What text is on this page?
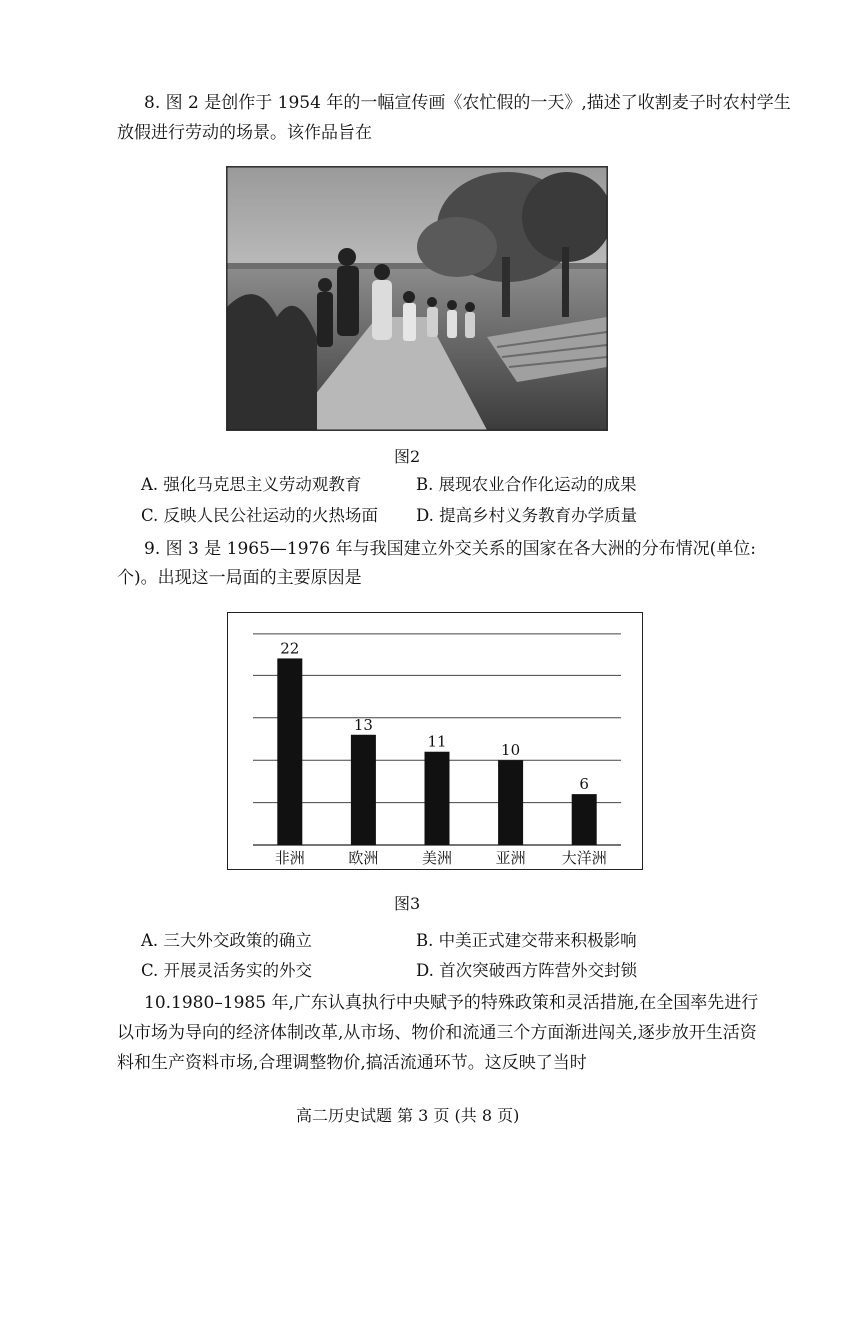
8. 图 2 是创作于 1954 年的一幅宣传画《农忙假的一天》,描述了收割麦子时农村学生
放假进行劳动的场景。该作品旨在
图2
A. 强化马克思主义劳动观教育	B. 展现农业合作化运动的成果
C. 反映人民公社运动的火热场面 D. 提高乡村义务教育办学质量
9. 图 3 是 1965—1976 年与我国建立外交关系的国家在各大洲的分布情况(单位:
个)。出现这一局面的主要原因是
22
13
11	10
6
非洲	欧洲	美洲	亚洲 大洋洲
图3
A. 三大外交政策的确立	B. 中美正式建交带来积极影响
C. 开展灵活务实的外交	D. 首次突破西方阵营外交封锁
10.1980–1985 年,广东认真执行中央赋予的特殊政策和灵活措施,在全国率先进行
以市场为导向的经济体制改革,从市场、物价和流通三个方面渐进闯关,逐步放开生活资
料和生产资料市场,合理调整物价,搞活流通环节。这反映了当时
高二历史试题 第 3 页 (共 8 页)
